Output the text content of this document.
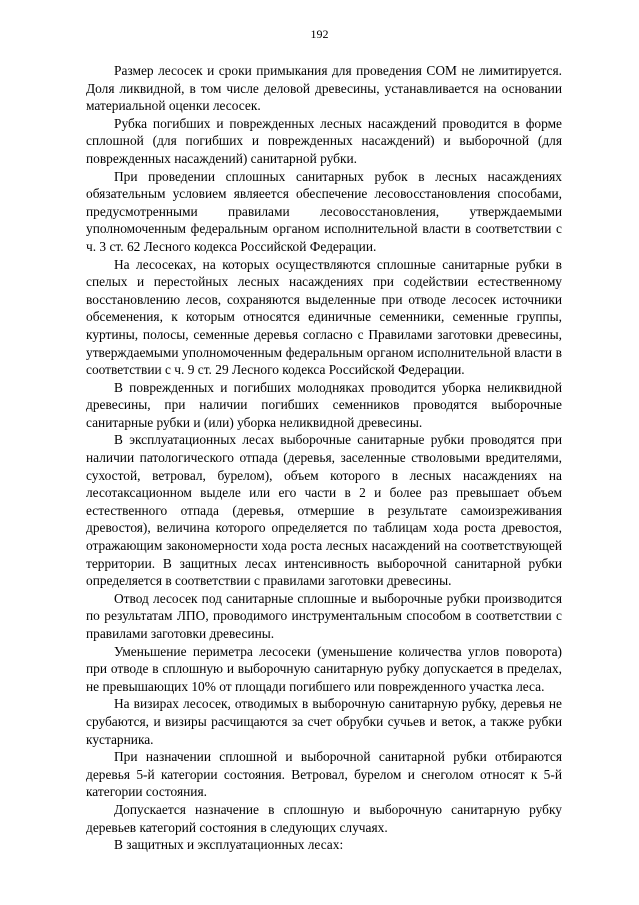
192

Размер лесосек и сроки примыкания для проведения СОМ не лимитируется. Доля ликвидной, в том числе деловой древесины, устанавливается на основании материальной оценки лесосек.

Рубка погибших и поврежденных лесных насаждений проводится в форме сплошной (для погибших и поврежденных насаждений) и выборочной (для поврежденных насаждений) санитарной рубки.

При проведении сплошных санитарных рубок в лесных насаждениях обязательным условием являеется обеспечение лесовосстановления способами, предусмотренными правилами лесовосстановления, утверждаемыми уполномоченным федеральным органом исполнительной власти в соответствии с ч. 3 ст. 62 Лесного кодекса Российской Федерации.

На лесосеках, на которых осуществляются сплошные санитарные рубки в спелых и перестойных лесных насаждениях при содействии естественному восстановлению лесов, сохраняются выделенные при отводе лесосек источники обсеменения, к которым относятся единичные семенники, семенные группы, куртины, полосы, семенные деревья согласно с Правилами заготовки древесины, утверждаемыми уполномоченным федеральным органом исполнительной власти в соответствии с ч. 9 ст. 29 Лесного кодекса Российской Федерации.

В поврежденных и погибших молодняках проводится уборка неликвидной древесины, при наличии погибших семенников проводятся выборочные санитарные рубки и (или) уборка неликвидной древесины.

В эксплуатационных лесах выборочные санитарные рубки проводятся при наличии патологического отпада (деревья, заселенные стволовыми вредителями, сухостой, ветровал, бурелом), объем которого в лесных насаждениях на лесотаксационном выделе или его части в 2 и более раз превышает объем естественного отпада (деревья, отмершие в результате самоизреживания древостоя), величина которого определяется по таблицам хода роста древостоя, отражающим закономерности хода роста лесных насаждений на соответствующей территории. В защитных лесах интенсивность выборочной санитарной рубки определяется в соответствии с правилами заготовки древесины.

Отвод лесосек под санитарные сплошные и выборочные рубки производится по результатам ЛПО, проводимого инструментальным способом в соответствии с правилами заготовки древесины.

Уменьшение периметра лесосеки (уменьшение количества углов поворота) при отводе в сплошную и выборочную санитарную рубку допускается в пределах, не превышающих 10% от площади погибшего или поврежденного участка леса.

На визирах лесосек, отводимых в выборочную санитарную рубку, деревья не срубаются, и визиры расчищаются за счет обрубки сучьев и веток, а также рубки кустарника.

При назначении сплошной и выборочной санитарной рубки отбираются деревья 5-й категории состояния. Ветровал, бурелом и снеголом относят к 5-й категории состояния.

Допускается назначение в сплошную и выборочную санитарную рубку деревьев категорий состояния в следующих случаях.

В защитных и эксплуатационных лесах:
